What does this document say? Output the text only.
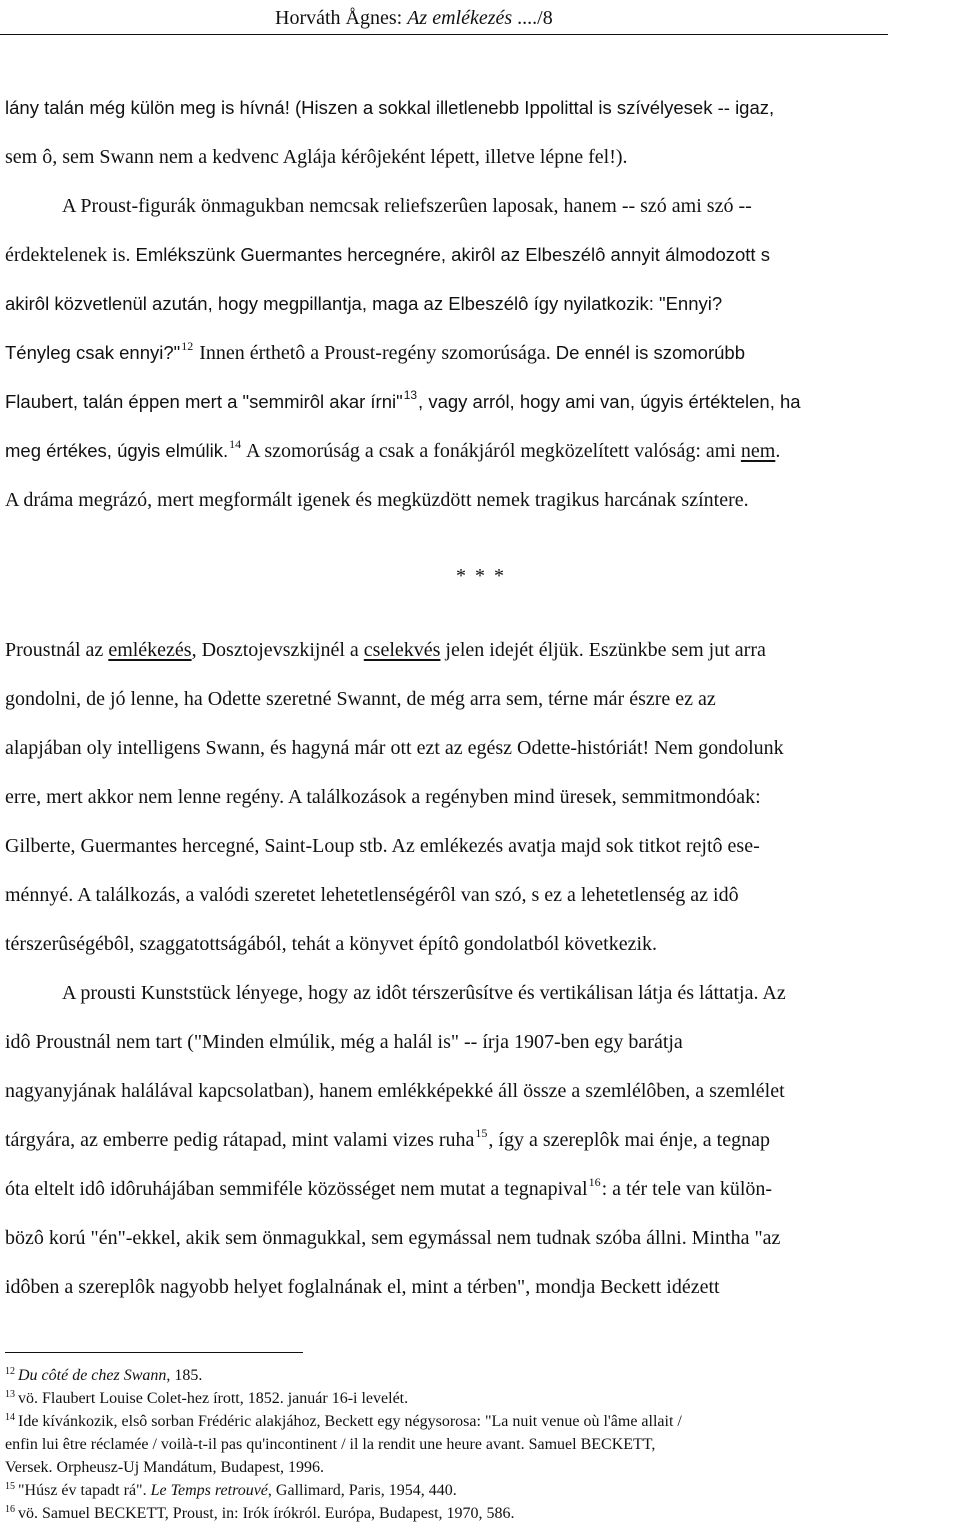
Horváth Ågnes: Az emlékezés ..../8
lány talán még külön meg is hívná! (Hiszen a sokkal illetlenebb Ippolittal is szívélyesek -- igaz,
sem ô, sem Swann nem a kedvenc Aglája kérôjeként lépett, illetve lépne fel!).
A Proust-figurák önmagukban nemcsak reliefszerûen laposak, hanem -- szó ami szó --
érdektelenek is. Emlékszünk Guermantes hercegnére, akirôl az Elbeszélô annyit álmodozott s
akirôl közvetlenül azután, hogy megpillantja, maga az Elbeszélô így nyilatkozik: "Ennyi?
Tényleg csak ennyi?"$^{12}$ Innen érthetô a Proust-regény szomorúsága. De ennél is szomorúbb
Flaubert, talán éppen mert a "semmirôl akar írni"$^{13}$, vagy arról, hogy ami van, úgyis értéktelen, ha
meg értékes, úgyis elmúlik.$^{14}$ A szomorúság a csak a fonákjáról megközelített valóság: ami nem.
A dráma megrázó, mert megformált igenek és megküzdött nemek tragikus harcának színtere.
* * *
Proustnál az emlékezés, Dosztojevszkijnél a cselekvés jelen idejét éljük. Eszünkbe sem jut arra
gondolni, de jó lenne, ha Odette szeretné Swannt, de még arra sem, térne már észre ez az
alapjában oly intelligens Swann, és hagyná már ott ezt az egész Odette-históriát! Nem gondolunk
erre, mert akkor nem lenne regény. A találkozások a regényben mind üresek, semmitmondóak:
Gilberte, Guermantes hercegné, Saint-Loup stb. Az emlékezés avatja majd sok titkot rejtô ese-
ménnyé. A találkozás, a valódi szeretet lehetetlenségérôl van szó, s ez a lehetetlenség az idô
térszerûségébôl, szaggatottságából, tehát a könyvet építô gondolatból következik.
A prousti Kunststück lényege, hogy az idôt térszerûsítve és vertikálisan látja és láttatja. Az
idô Proustnál nem tart ("Minden elmúlik, még a halál is" -- írja 1907-ben egy barátja
nagyanyjának halálával kapcsolatban), hanem emlékképekké áll össze a szemlélôben, a szemlélet
tárgyára, az emberre pedig rátapad, mint valami vizes ruha$^{15}$, így a szereplôk mai énje, a tegnap
óta eltelt idô idôruhájában semmiféle közösséget nem mutat a tegnapival$^{16}$: a tér tele van külön-
bözô korú "én"-ekkel, akik sem önmagukkal, sem egymással nem tudnak szóba állni. Mintha "az
idôben a szereplôk nagyobb helyet foglalnának el, mint a térben", mondja Beckett idézett
$^{12}$ Du côté de chez Swann, 185.
$^{13}$ vö. Flaubert Louise Colet-hez írott, 1852. január 16-i levelét.
$^{14}$ Ide kívánkozik, elsô sorban Frédéric alakjához, Beckett egy négysorosa: "La nuit venue où l'âme allait /
enfin lui être réclamée / voilà-t-il pas qu'incontinent / il la rendit une heure avant. Samuel BECKETT,
Versek. Orpheusz-Uj Mandátum, Budapest, 1996.
$^{15}$ "Húsz év tapadt rá". Le Temps retrouvé, Gallimard, Paris, 1954, 440.
$^{16}$ vö. Samuel BECKETT, Proust, in: Irók írókról. Európa, Budapest, 1970, 586.
